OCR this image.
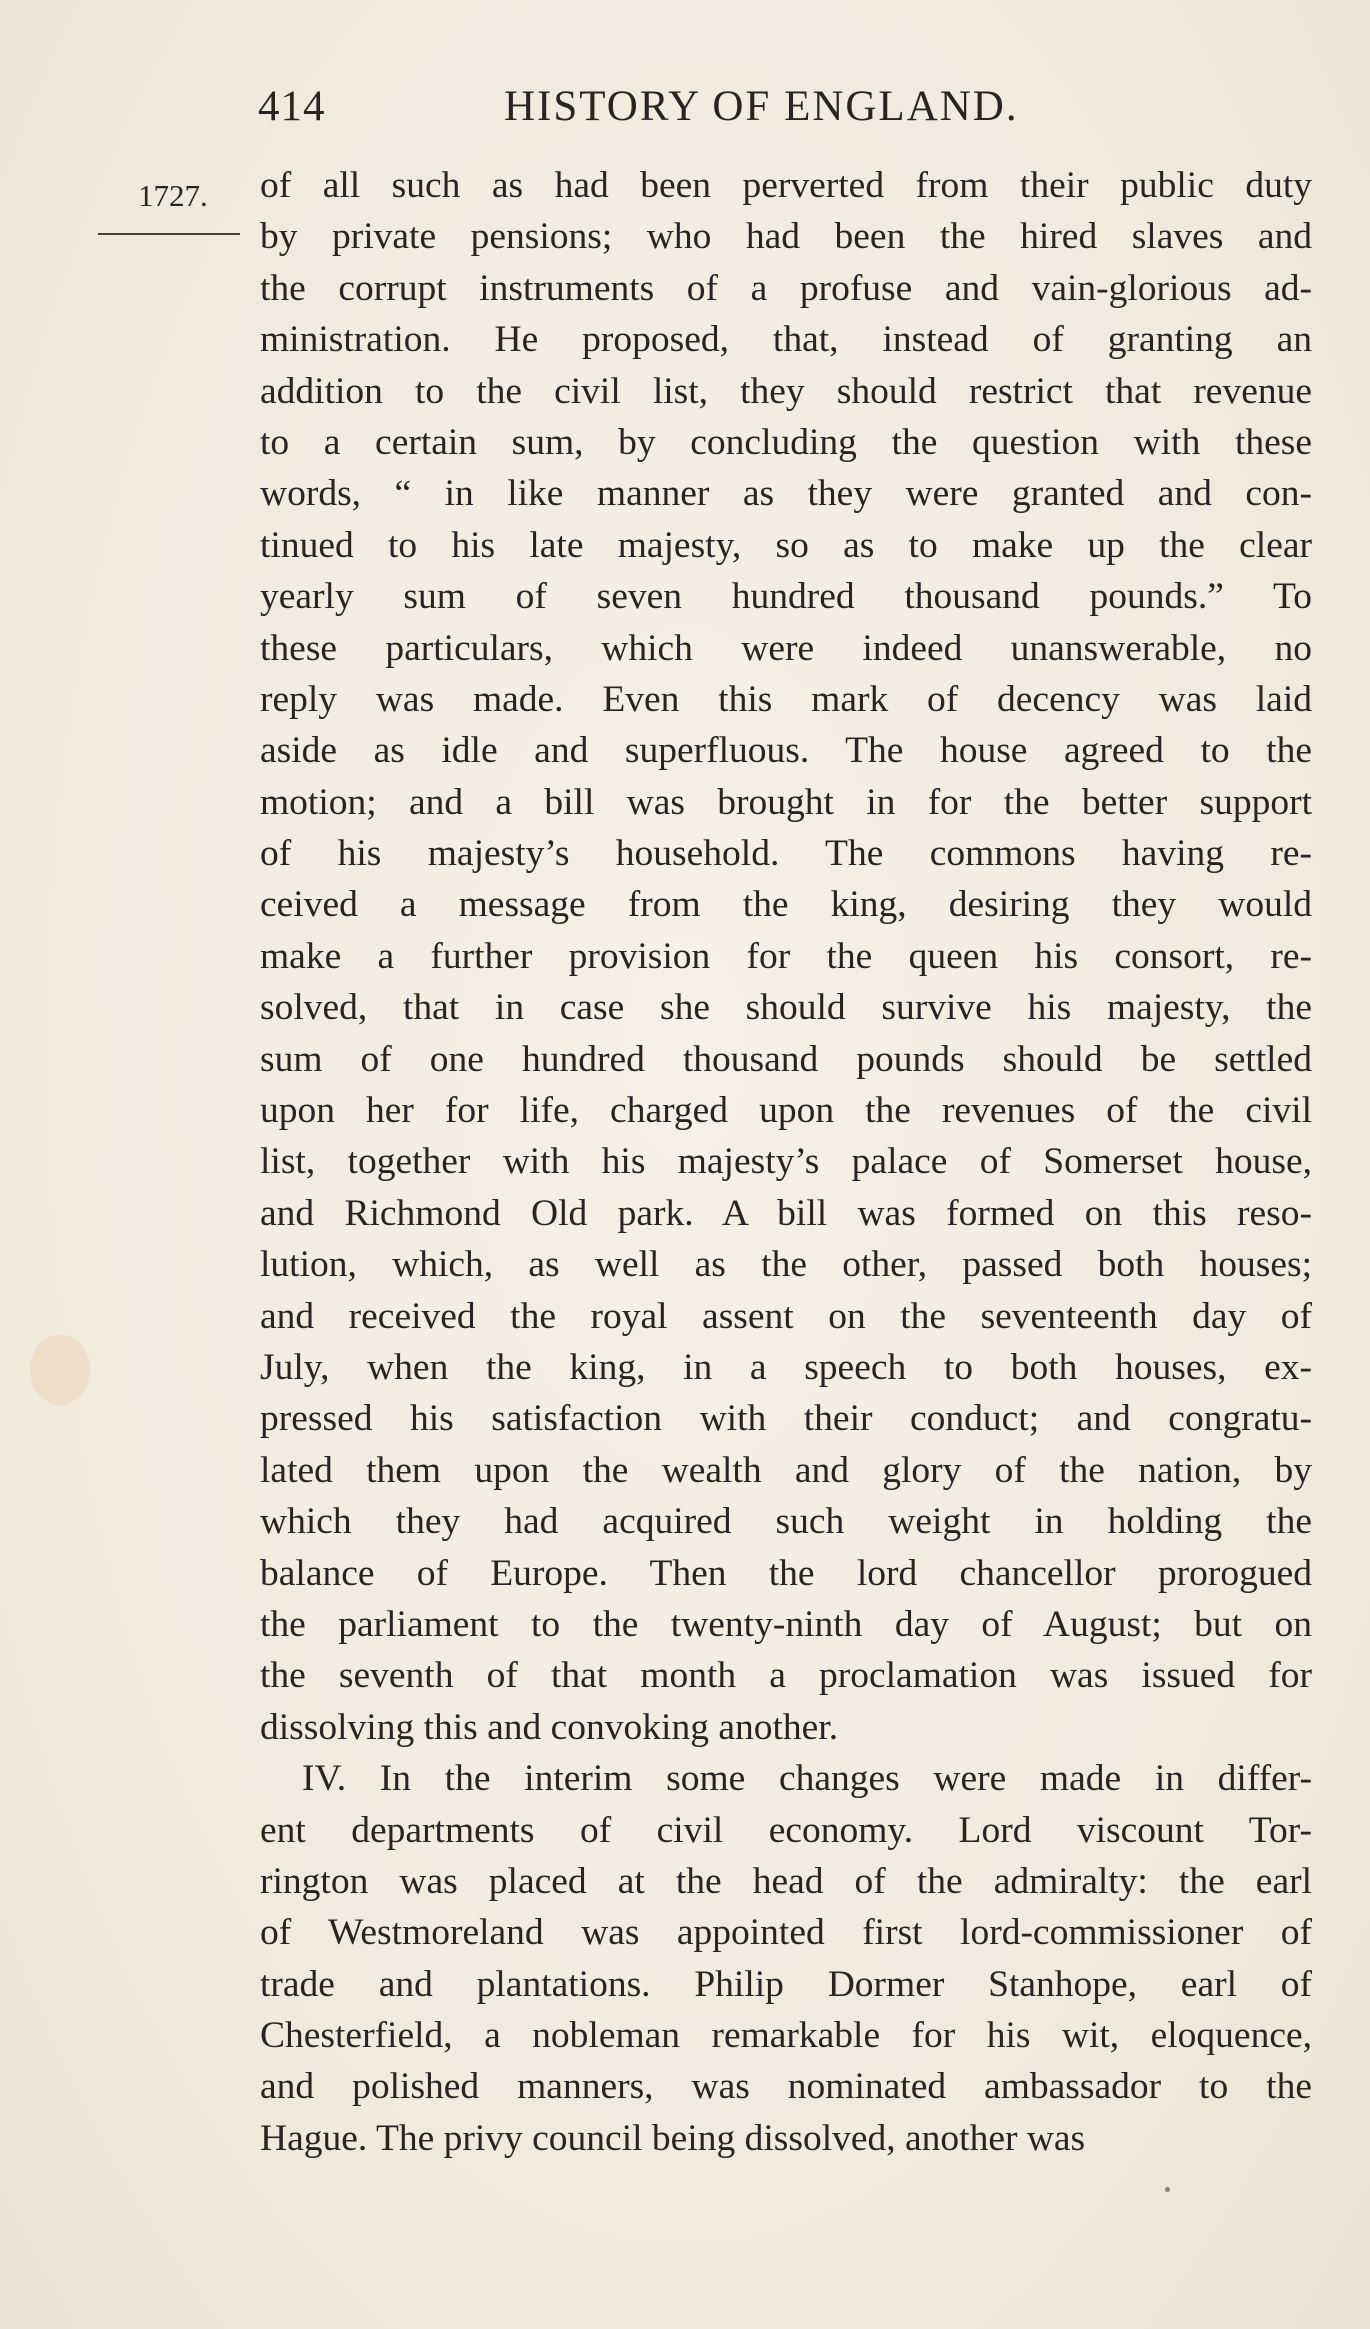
414	HISTORY OF ENGLAND.
1727. of all such as had been perverted from their public duty
by private pensions; who had been the hired slaves and
the corrupt instruments of a profuse and vain-glorious ad-
ministration. He proposed, that, instead of granting an
addition to the civil list, they should restrict that revenue
to a certain sum, by concluding the question with these
words, “ in like manner as they were granted and con-
tinued to his late majesty, so as to make up the clear
yearly sum of seven hundred thousand pounds.” To
these particulars, which were indeed unanswerable, no
reply was made. Even this mark of decency was laid
aside as idle and superfluous. The house agreed to the
motion; and a bill was brought in for the better support
of his majesty’s household. The commons having re-
ceived a message from the king, desiring they would
make a further provision for the queen his consort, re-
solved, that in case she should survive his majesty, the
sum of one hundred thousand pounds should be settled
upon her for life, charged upon the revenues of the civil
list, together with his majesty’s palace of Somerset house,
and Richmond Old park. A bill was formed on this reso-
lution, which, as well as the other, passed both houses;
and received the royal assent on the seventeenth day of
July, when the king, in a speech to both houses, ex-
pressed his satisfaction with their conduct; and congratu-
lated them upon the wealth and glory of the nation, by
which they had acquired such weight in holding the
balance of Europe. Then the lord chancellor prorogued
the parliament to the twenty-ninth day of August; but on
the seventh of that month a proclamation was issued for
dissolving this and convoking another.
IV. In the interim some changes were made in differ-
ent departments of civil economy. Lord viscount Tor-
rington was placed at the head of the admiralty: the earl
of Westmoreland was appointed first lord-commissioner of
trade and plantations. Philip Dormer Stanhope, earl of
Chesterfield, a nobleman remarkable for his wit, eloquence,
and polished manners, was nominated ambassador to the
Hague. The privy council being dissolved, another was
